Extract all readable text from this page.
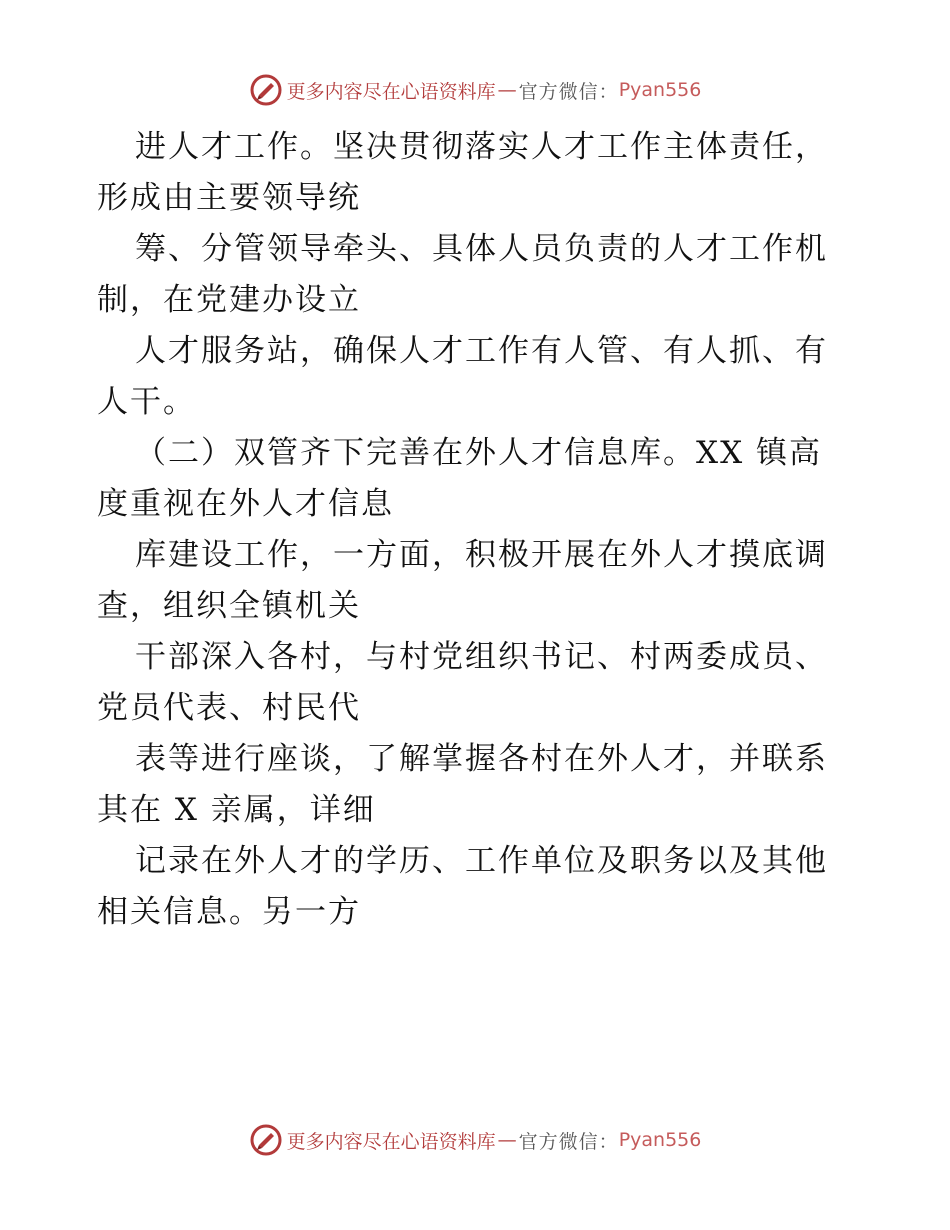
更多内容尽在心语资料库 — 官方微信： Pyan556
进人才工作。坚决贯彻落实人才工作主体责任，
形成由主要领导统
筹、分管领导牵头、具体人员负责的人才工作机
制，在党建办设立
人才服务站，确保人才工作有人管、有人抓、有
人干。
（二）双管齐下完善在外人才信息库。XX 镇高
度重视在外人才信息
库建设工作，一方面，积极开展在外人才摸底调
查，组织全镇机关
干部深入各村，与村党组织书记、村两委成员、
党员代表、村民代
表等进行座谈，了解掌握各村在外人才，并联系
其在 X 亲属，详细
记录在外人才的学历、工作单位及职务以及其他
相关信息。另一方
更多内容尽在心语资料库 — 官方微信： Pyan556
